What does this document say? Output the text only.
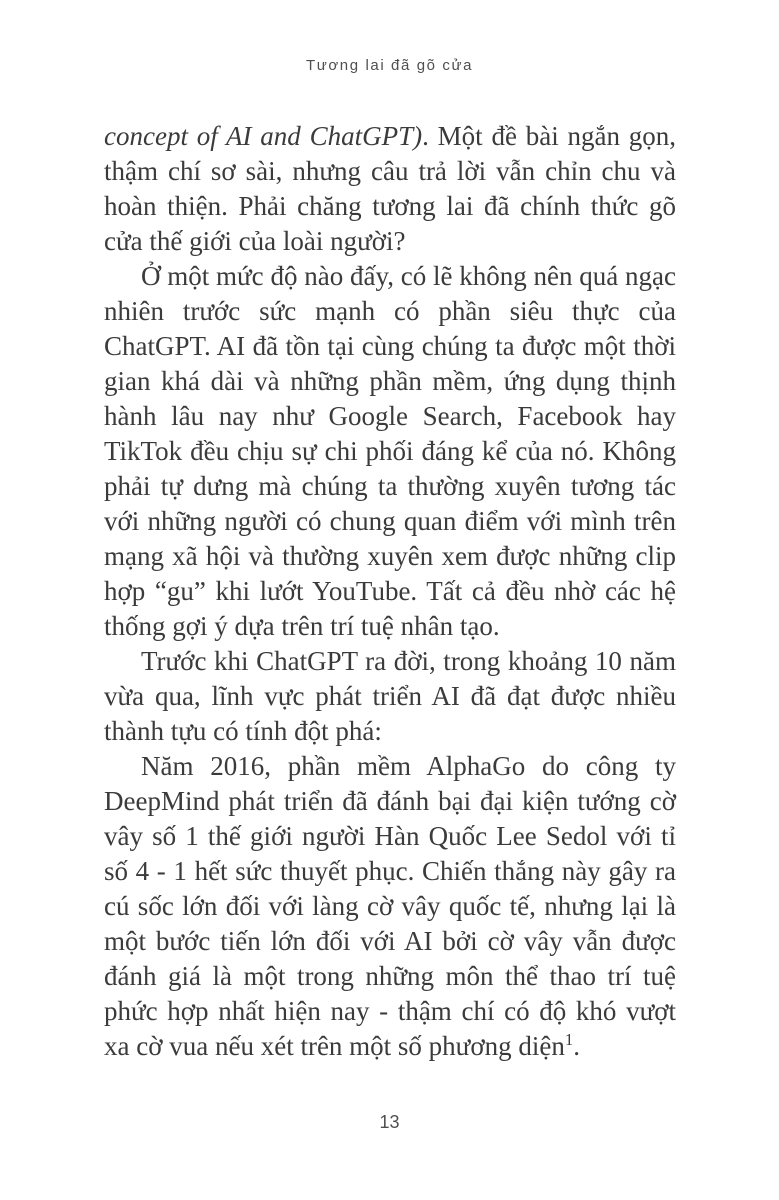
Tương lai đã gõ cửa

concept of AI and ChatGPT). Một đề bài ngắn gọn, thậm chí sơ sài, nhưng câu trả lời vẫn chỉn chu và hoàn thiện. Phải chăng tương lai đã chính thức gõ cửa thế giới của loài người?

Ở một mức độ nào đấy, có lẽ không nên quá ngạc nhiên trước sức mạnh có phần siêu thực của ChatGPT. AI đã tồn tại cùng chúng ta được một thời gian khá dài và những phần mềm, ứng dụng thịnh hành lâu nay như Google Search, Facebook hay TikTok đều chịu sự chi phối đáng kể của nó. Không phải tự dưng mà chúng ta thường xuyên tương tác với những người có chung quan điểm với mình trên mạng xã hội và thường xuyên xem được những clip hợp “gu” khi lướt YouTube. Tất cả đều nhờ các hệ thống gợi ý dựa trên trí tuệ nhân tạo.

Trước khi ChatGPT ra đời, trong khoảng 10 năm vừa qua, lĩnh vực phát triển AI đã đạt được nhiều thành tựu có tính đột phá:

Năm 2016, phần mềm AlphaGo do công ty DeepMind phát triển đã đánh bại đại kiện tướng cờ vây số 1 thế giới người Hàn Quốc Lee Sedol với tỉ số 4 - 1 hết sức thuyết phục. Chiến thắng này gây ra cú sốc lớn đối với làng cờ vây quốc tế, nhưng lại là một bước tiến lớn đối với AI bởi cờ vây vẫn được đánh giá là một trong những môn thể thao trí tuệ phức hợp nhất hiện nay - thậm chí có độ khó vượt xa cờ vua nếu xét trên một số phương diện$^1$.

13
